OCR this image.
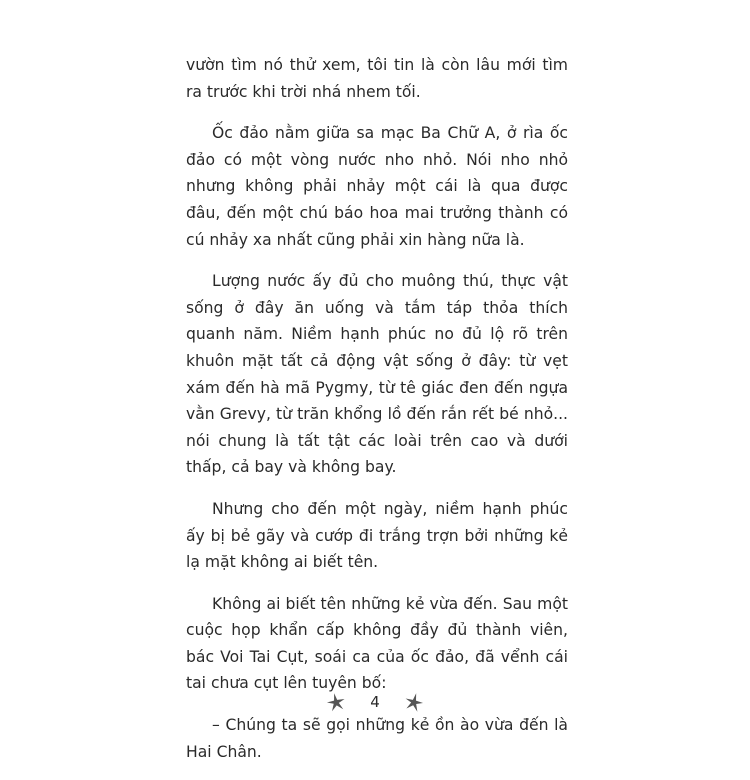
vườn tìm nó thử xem, tôi tin là còn lâu mới tìm ra trước khi trời nhá nhem tối.

Ốc đảo nằm giữa sa mạc Ba Chữ A, ở rìa ốc đảo có một vòng nước nho nhỏ. Nói nho nhỏ nhưng không phải nhảy một cái là qua được đâu, đến một chú báo hoa mai trưởng thành có cú nhảy xa nhất cũng phải xin hàng nữa là.

Lượng nước ấy đủ cho muông thú, thực vật sống ở đây ăn uống và tắm táp thỏa thích quanh năm. Niềm hạnh phúc no đủ lộ rõ trên khuôn mặt tất cả động vật sống ở đây: từ vẹt xám đến hà mã Pygmy, từ tê giác đen đến ngựa vằn Grevy, từ trăn khổng lồ đến rắn rết bé nhỏ... nói chung là tất tật các loài trên cao và dưới thấp, cả bay và không bay.

Nhưng cho đến một ngày, niềm hạnh phúc ấy bị bẻ gãy và cướp đi trắng trợn bởi những kẻ lạ mặt không ai biết tên.

Không ai biết tên những kẻ vừa đến. Sau một cuộc họp khẩn cấp không đầy đủ thành viên, bác Voi Tai Cụt, soái ca của ốc đảo, đã vểnh cái tai chưa cụt lên tuyên bố:

– Chúng ta sẽ gọi những kẻ ồn ào vừa đến là Hai Chân.

4
